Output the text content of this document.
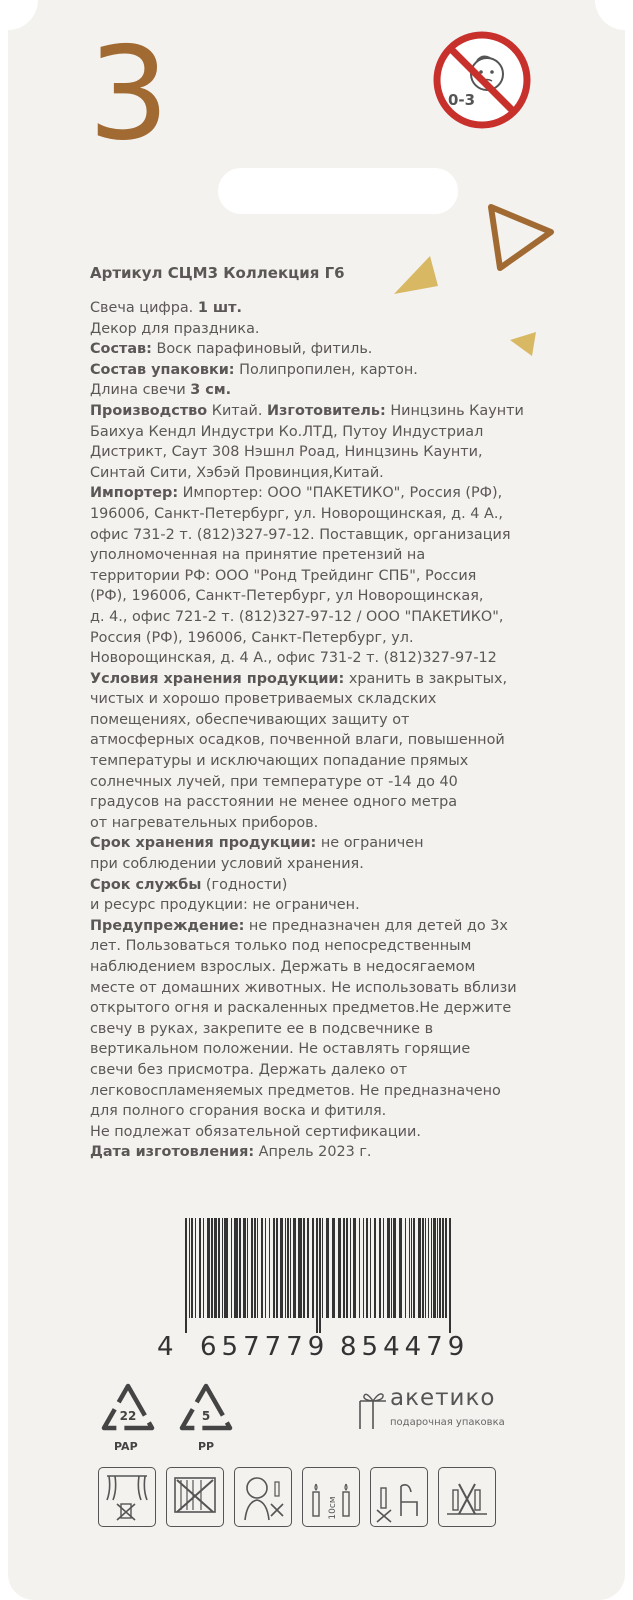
3	0-3
Артикул СЦМ3 Коллекция Г6

Свеча цифра. 1 шт.

Декор для праздника.

Состав: Воск парафиновый, фитиль.

Состав упаковки: Полипропилен, картон.

Длина свечи 3 см.

Производство Китай. Изготовитель: Нинцзинь Каунти

Баихуа Кендл Индустри Ко.ЛТД, Путоу Индустриал

Дистрикт, Саут 308 Нэшнл Роад, Нинцзинь Каунти,

Синтай Сити, Хэбэй Провинция,Китай.

Импортер: Импортер: ООО "ПАКЕТИКО", Россия (РФ),

196006, Санкт-Петербург, ул. Новорощинская, д. 4 А.,

офис 731-2 т. (812)327-97-12. Поставщик, организация

уполномоченная на принятие претензий на

территории РФ: ООО "Ронд Трейдинг СПБ", Россия

(РФ), 196006, Санкт-Петербург, ул Новорощинская,

д. 4., офис 721-2 т. (812)327-97-12 / ООО "ПАКЕТИКО",

Россия (РФ), 196006, Санкт-Петербург, ул.

Новорощинская, д. 4 А., офис 731-2 т. (812)327-97-12

Условия хранения продукции: хранить в закрытых,

чистых и хорошо проветриваемых складских

помещениях, обеспечивающих защиту от

атмосферных осадков, почвенной влаги, повышенной

температуры и исключающих попадание прямых

солнечных лучей, при температуре от -14 до 40

градусов на расстоянии не менее одного метра

от нагревательных приборов.

Срок хранения продукции: не ограничен

при соблюдении условий хранения.

Срок службы (годности)

и ресурс продукции: не ограничен.

Предупреждение: не предназначен для детей до 3х

лет. Пользоваться только под непосредственным

наблюдением взрослых. Держать в недосягаемом

месте от домашних животных. Не использовать вблизи

открытого огня и раскаленных предметов.Не держите

свечу в руках, закрепите ее в подсвечнике в

вертикальном положении. Не оставлять горящие

свечи без присмотра. Держать далеко от

легковоспламеняемых предметов. Не предназначено

для полного сгорания воска и фитиля.

Не подлежат обязательной сертификации.

Дата изготовления: Апрель 2023 г.

4 657779 854479
22
PAP
5
PP
акетико
подарочная упаковка
10см
